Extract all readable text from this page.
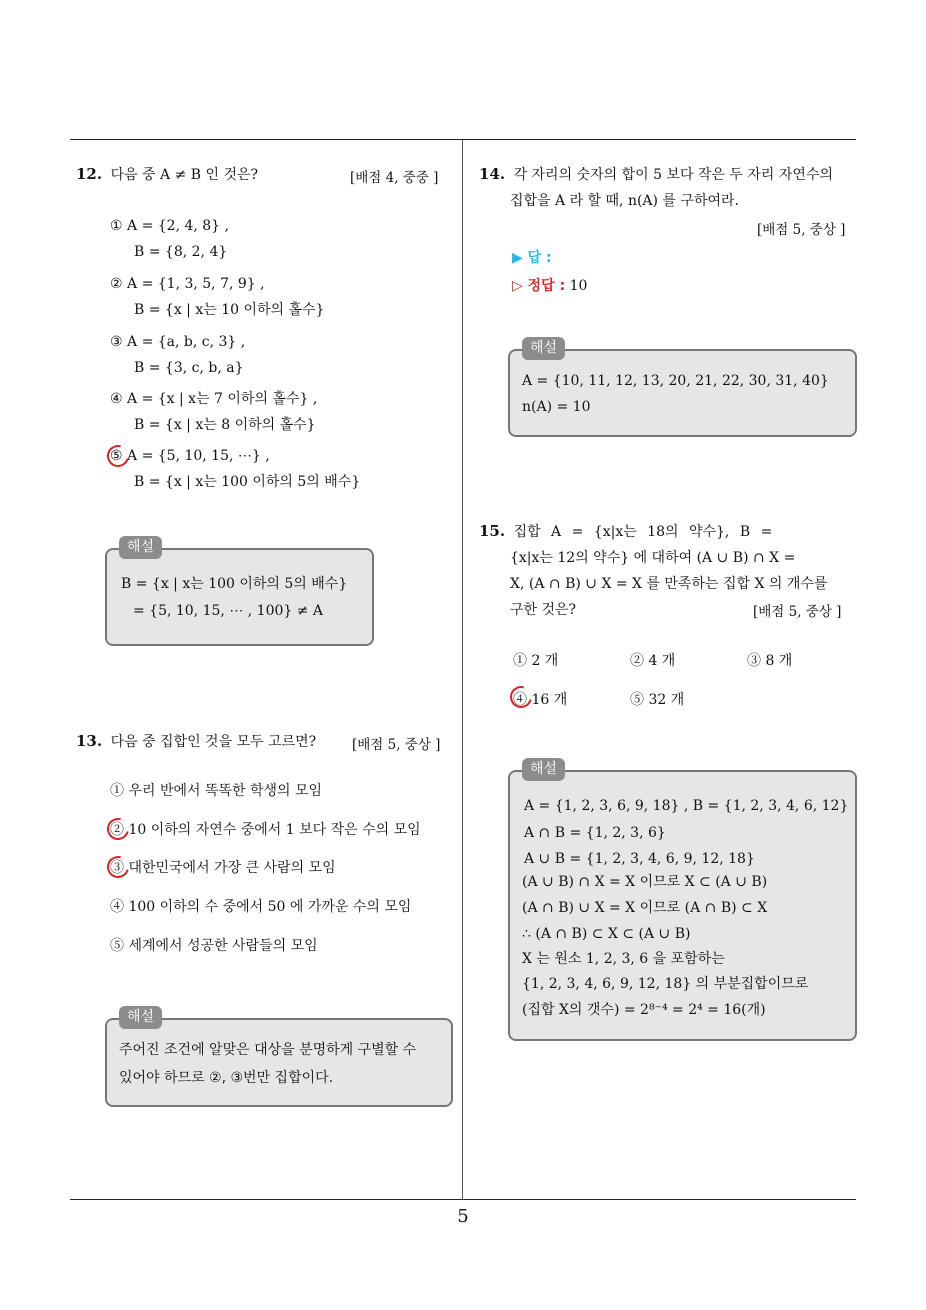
12. 다음 중 A ≠ B 인 것은?	[배점 4, 중중 ]
① A = {2, 4, 8} ,
B = {8, 2, 4}
② A = {1, 3, 5, 7, 9} ,
B = {x | x는 10 이하의 홀수}
③ A = {a, b, c, 3} ,
B = {3, c, b, a}
④ A = {x | x는 7 이하의 홀수} ,
B = {x | x는 8 이하의 홀수}
⑤ A = {5, 10, 15, ⋯} ,
B = {x | x는 100 이하의 5의 배수}
해설
B = {x | x는 100 이하의 5의 배수}
= {5, 10, 15, ⋯ , 100} ≠ A
13. 다음 중 집합인 것을 모두 고르면?	[배점 5, 중상 ]
① 우리 반에서 똑똑한 학생의 모임
② 10 이하의 자연수 중에서 1 보다 작은 수의 모임
③ 대한민국에서 가장 큰 사람의 모임
④ 100 이하의 수 중에서 50 에 가까운 수의 모임
⑤ 세계에서 성공한 사람들의 모임
해설
주어진 조건에 알맞은 대상을 분명하게 구별할 수
있어야 하므로 ②, ③번만 집합이다.
14. 각 자리의 숫자의 합이 5 보다 작은 두 자리 자연수의
집합을 A 라 할 때, n(A) 를 구하여라.
[배점 5, 중상 ]
▶ 답 :
▷ 정답 : 10
해설
A = {10, 11, 12, 13, 20, 21, 22, 30, 31, 40}
n(A) = 10
15. 집합 A = {x|x는 18의 약수}, B =
{x|x는 12의 약수} 에 대하여 (A ∪ B) ∩ X =
X, (A ∩ B) ∪ X = X 를 만족하는 집합 X 의 개수를
구한 것은?	[배점 5, 중상 ]
① 2 개	② 4 개	③ 8 개
④ 16 개	⑤ 32 개
해설
A = {1, 2, 3, 6, 9, 18} , B = {1, 2, 3, 4, 6, 12}
A ∩ B = {1, 2, 3, 6}
A ∪ B = {1, 2, 3, 4, 6, 9, 12, 18}
(A ∪ B) ∩ X = X 이므로 X ⊂ (A ∪ B)
(A ∩ B) ∪ X = X 이므로 (A ∩ B) ⊂ X
∴ (A ∩ B) ⊂ X ⊂ (A ∪ B)
X 는 원소 1, 2, 3, 6 을 포함하는
{1, 2, 3, 4, 6, 9, 12, 18} 의 부분집합이므로
(집합 X의 갯수) = 2⁸⁻⁴ = 2⁴ = 16(개)
5
